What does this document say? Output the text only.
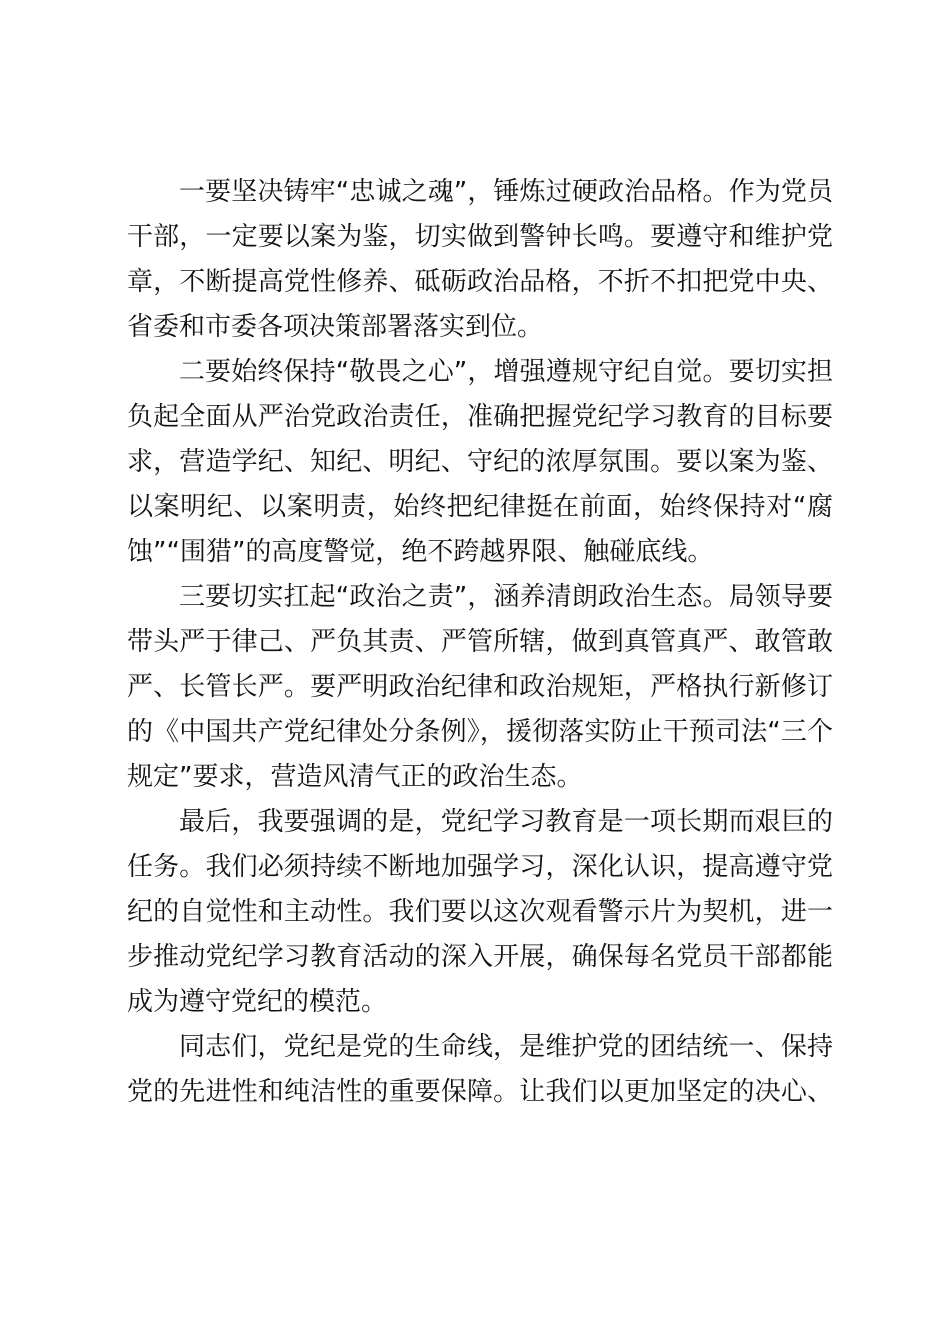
一要坚决铸牢“忠诚之魂”，锤炼过硬政治品格。作为党员
干部，一定要以案为鉴，切实做到警钟长鸣。要遵守和维护党
章，不断提高党性修养、砥砺政治品格，不折不扣把党中央、
省委和市委各项决策部署落实到位。
二要始终保持“敬畏之心”，增强遵规守纪自觉。要切实担
负起全面从严治党政治责任，准确把握党纪学习教育的目标要
求，营造学纪、知纪、明纪、守纪的浓厚氛围。要以案为鉴、
以案明纪、以案明责，始终把纪律挺在前面，始终保持对“腐
蚀”“围猎”的高度警觉，绝不跨越界限、触碰底线。
三要切实扛起“政治之责”，涵养清朗政治生态。局领导要
带头严于律己、严负其责、严管所辖，做到真管真严、敢管敢
严、长管长严。要严明政治纪律和政治规矩，严格执行新修订
的《中国共产党纪律处分条例》，援彻落实防止干预司法“三个
规定”要求，营造风清气正的政治生态。
最后，我要强调的是，党纪学习教育是一项长期而艰巨的
任务。我们必须持续不断地加强学习，深化认识，提高遵守党
纪的自觉性和主动性。我们要以这次观看警示片为契机，进一
步推动党纪学习教育活动的深入开展，确保每名党员干部都能
成为遵守党纪的模范。
同志们，党纪是党的生命线，是维护党的团结统一、保持
党的先进性和纯洁性的重要保障。让我们以更加坚定的决心、
